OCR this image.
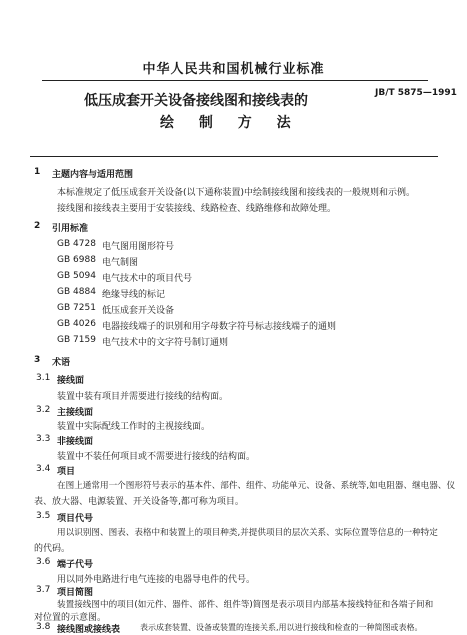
中华人民共和国机械行业标准
JB/T 5875—1991
低压成套开关设备接线图和接线表的
绘 制 方 法
1 主题内容与适用范围
本标准规定了低压成套开关设备(以下通称装置)中绘制接线图和接线表的一般规则和示例。
接线图和接线表主要用于安装接线、线路检查、线路维修和故障处理。
2 引用标准
GB 4728 电气图用图形符号
GB 6988 电气制图
GB 5094 电气技术中的项目代号
GB 4884 绝缘导线的标记
GB 7251 低压成套开关设备
GB 4026 电器接线端子的识别和用字母数字符号标志接线端子的通则
GB 7159 电气技术中的文字符号制订通则
3 术语
3.1 接线面
装置中装有项目并需要进行接线的结构面。
3.2 主接线面
装置中实际配线工作时的主视接线面。
3.3 非接线面
装置中不装任何项目或不需要进行接线的结构面。
3.4 项目
在图上通常用一个图形符号表示的基本件、部件、组件、功能单元、设备、系统等,如电阻器、继电器、仪
表、放大器、电源装置、开关设备等,都可称为项目。
3.5 项目代号
用以识别图、图表、表格中和装置上的项目种类,并提供项目的层次关系、实际位置等信息的一种特定
的代码。
3.6 端子代号
用以同外电路进行电气连接的电器导电件的代号。
3.7 项目简图
装置接线图中的项目(如元件、器件、部件、组件等)简图是表示项目内部基本接线特征和各端子间和
对位置的示意图。
3.8 接线图或接线表 表示成套装置、设备或装置的连接关系,用以进行接线和检查的一种简图或表格。
